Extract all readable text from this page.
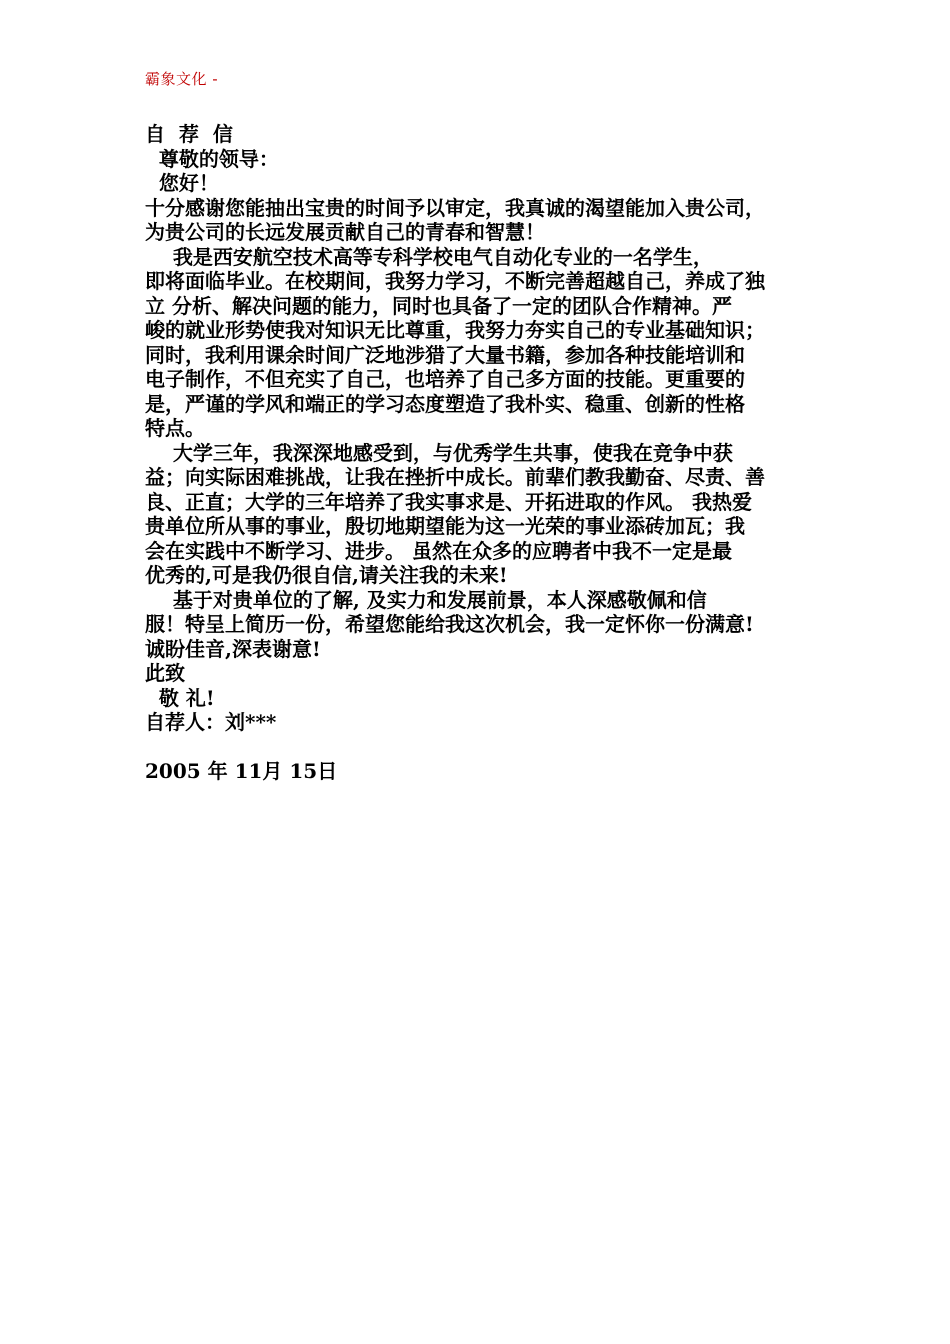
霸象文化 -
自  荐  信
尊敬的领导：
您好！
十分感谢您能抽出宝贵的时间予以审定，我真诚的渴望能加入贵公司，
为贵公司的长远发展贡献自己的青春和智慧！
我是西安航空技术高等专科学校电气自动化专业的一名学生，
即将面临毕业。在校期间，我努力学习，不断完善超越自己，养成了独
立 分析、解决问题的能力，同时也具备了一定的团队合作精神。严
峻的就业形势使我对知识无比尊重，我努力夯实自己的专业基础知识；
同时，我利用课余时间广泛地涉猎了大量书籍，参加各种技能培训和
电子制作，不但充实了自己，也培养了自己多方面的技能。更重要的
是，严谨的学风和端正的学习态度塑造了我朴实、稳重、创新的性格
特点。
大学三年，我深深地感受到，与优秀学生共事，使我在竞争中获
益；向实际困难挑战，让我在挫折中成长。前辈们教我勤奋、尽责、善
良、正直；大学的三年培养了我实事求是、开拓进取的作风。 我热爱
贵单位所从事的事业，殷切地期望能为这一光荣的事业添砖加瓦；我
会在实践中不断学习、进步。 虽然在众多的应聘者中我不一定是最
优秀的,可是我仍很自信,请关注我的未来!
基于对贵单位的了解, 及实力和发展前景，本人深感敬佩和信
服！特呈上简历一份，希望您能给我这次机会，我一定怀你一份满意!
诚盼佳音,深表谢意!
此致
敬 礼!
自荐人：刘***
2005 年 11月 15日
